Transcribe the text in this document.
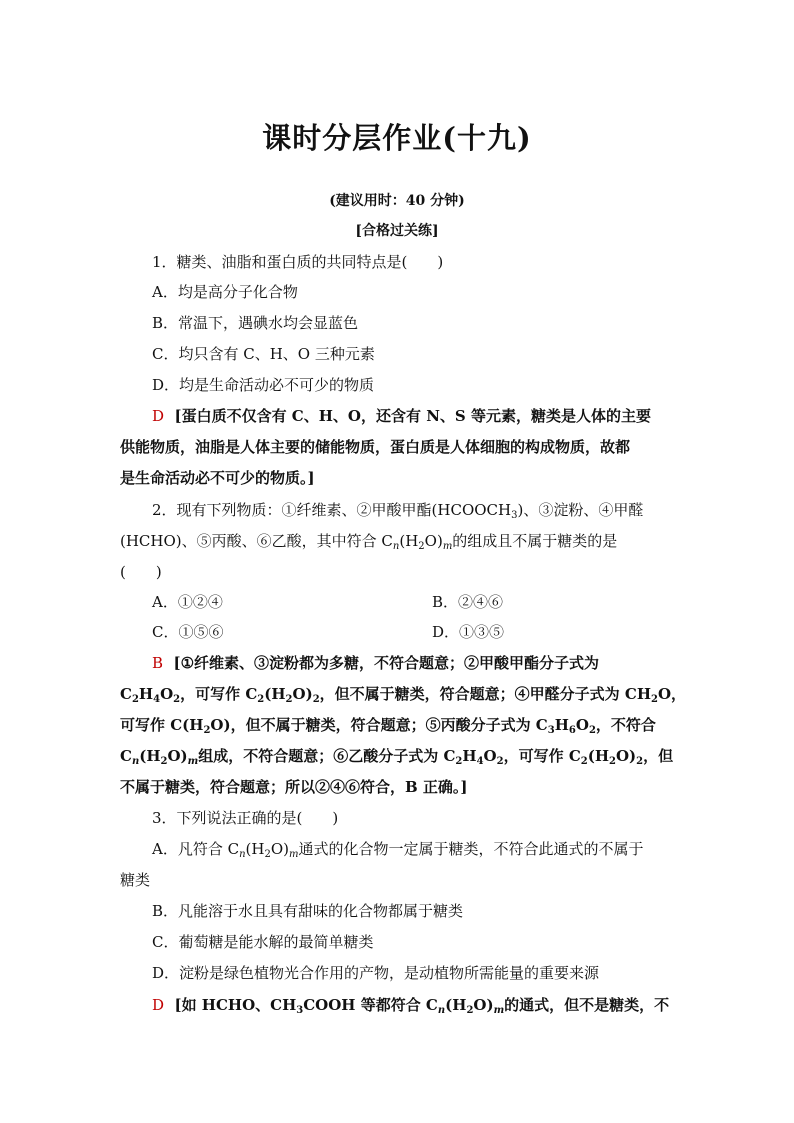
课时分层作业(十九)
(建议用时：40 分钟)
[合格过关练]
1．糖类、油脂和蛋白质的共同特点是(　　)
A．均是高分子化合物
B．常温下，遇碘水均会显蓝色
C．均只含有 C、H、O 三种元素
D．均是生命活动必不可少的物质
D [蛋白质不仅含有 C、H、O，还含有 N、S 等元素，糖类是人体的主要
供能物质，油脂是人体主要的储能物质，蛋白质是人体细胞的构成物质，故都
是生命活动必不可少的物质。]
2．现有下列物质：①纤维素、②甲酸甲酯$(HCOOCH_3)$、③淀粉、④甲醛
(HCHO)、⑤丙酸、⑥乙酸，其中符合 $C_n(H_2O)_m$的组成且不属于糖类的是
(　　)
A．①②④	B．②④⑥
C．①⑤⑥	D．①③⑤
B [①纤维素、③淀粉都为多糖，不符合题意；②甲酸甲酯分子式为
$C_2H_4O_2$，可写作 $C_2(H_2O)_2$，但不属于糖类，符合题意；④甲醛分子式为 $CH_2O$，
可写作 $C(H_2O)$，但不属于糖类，符合题意；⑤丙酸分子式为 $C_3H_6O_2$，不符合
$C_n(H_2O)_m$组成，不符合题意；⑥乙酸分子式为 $C_2H_4O_2$，可写作 $C_2(H_2O)_2$，但
不属于糖类，符合题意；所以②④⑥符合，B 正确。]
3．下列说法正确的是(　　)
A．凡符合 $C_n(H_2O)_m$通式的化合物一定属于糖类，不符合此通式的不属于
糖类
B．凡能溶于水且具有甜味的化合物都属于糖类
C．葡萄糖是能水解的最简单糖类
D．淀粉是绿色植物光合作用的产物，是动植物所需能量的重要来源
D [如 HCHO、$CH_3COOH$ 等都符合 $C_n(H_2O)_m$的通式，但不是糖类，不
